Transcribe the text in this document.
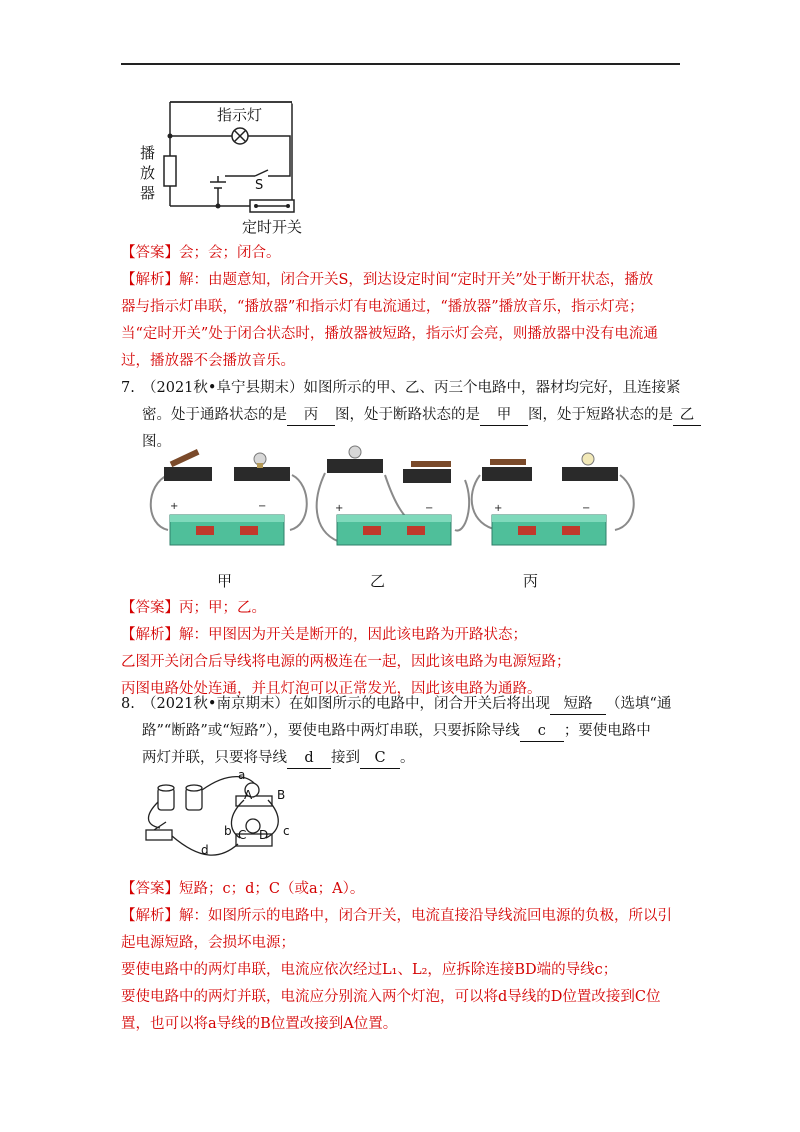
指示灯
播放器	S
定时开关
【答案】会；会；闭合。
【解析】解：由题意知，闭合开关S，到达设定时间“定时开关”处于断开状态，播放
器与指示灯串联，“播放器”和指示灯有电流通过，“播放器”播放音乐，指示灯亮；
当“定时开关”处于闭合状态时，播放器被短路，指示灯会亮，则播放器中没有电流通
过，播放器不会播放音乐。
7. （2021秋•阜宁县期末）如图所示的甲、乙、丙三个电路中，器材均完好，且连接紧
密。处于通路状态的是 丙 图，处于断路状态的是 甲 图，处于短路状态的是 乙
图。
+	−	+	−	+	−
甲	乙	丙
【答案】丙；甲；乙。
【解析】解：甲图因为开关是断开的，因此该电路为开路状态；
乙图开关闭合后导线将电源的两极连在一起，因此该电路为电源短路；
丙图电路处处连通，并且灯泡可以正常发光，因此该电路为通路。
8. （2021秋•南京期末）在如图所示的电路中，闭合开关后将出现 短路 （选填“通
路”“断路”或“短路”），要使电路中两灯串联，只要拆除导线 c ；要使电路中
两灯并联，只要将导线 d 接到 C 。
a
A B
b C D c
d
【答案】短路；c；d；C（或a；A）。
【解析】解：如图所示的电路中，闭合开关，电流直接沿导线流回电源的负极，所以引
起电源短路，会损坏电源；
要使电路中的两灯串联，电流应依次经过L₁、L₂，应拆除连接BD端的导线c；
要使电路中的两灯并联，电流应分别流入两个灯泡，可以将d导线的D位置改接到C位
置，也可以将a导线的B位置改接到A位置。
